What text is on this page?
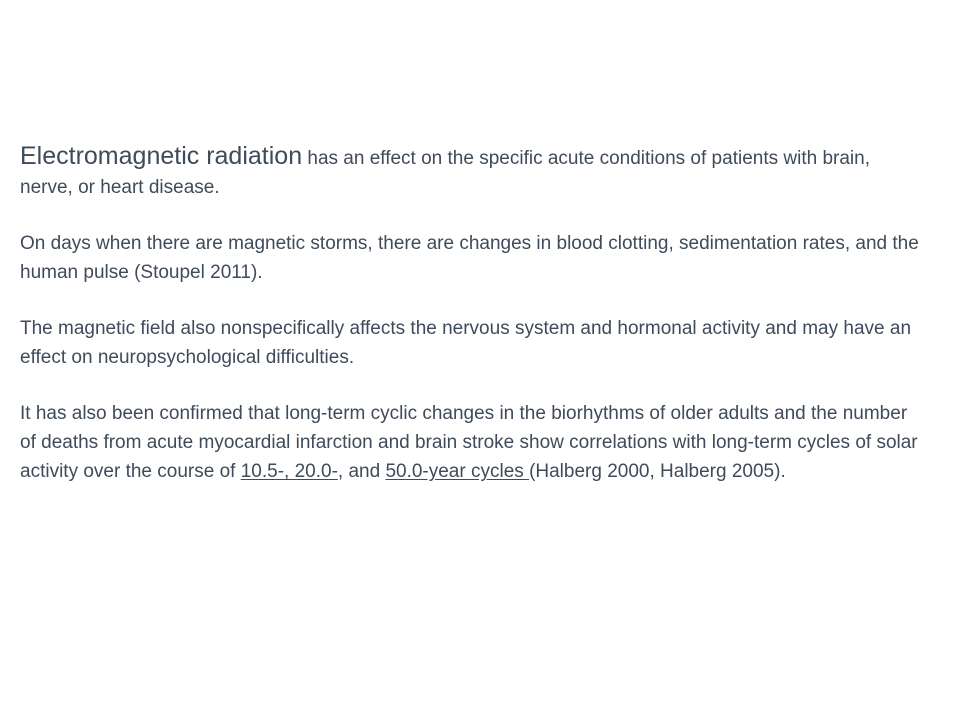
Electromagnetic radiation has an effect on the specific acute conditions of patients with brain, nerve, or heart disease.

On days when there are magnetic storms, there are changes in blood clotting, sedimentation rates, and the human pulse (Stoupel 2011).

The magnetic field also nonspecifically affects the nervous system and hormonal activity and may have an effect on neuropsychological difficulties.

It has also been confirmed that long-term cyclic changes in the biorhythms of older adults and the number of deaths from acute myocardial infarction and brain stroke show correlations with long-term cycles of solar activity over the course of 10.5-, 20.0-, and 50.0-year cycles (Halberg 2000, Halberg 2005).
